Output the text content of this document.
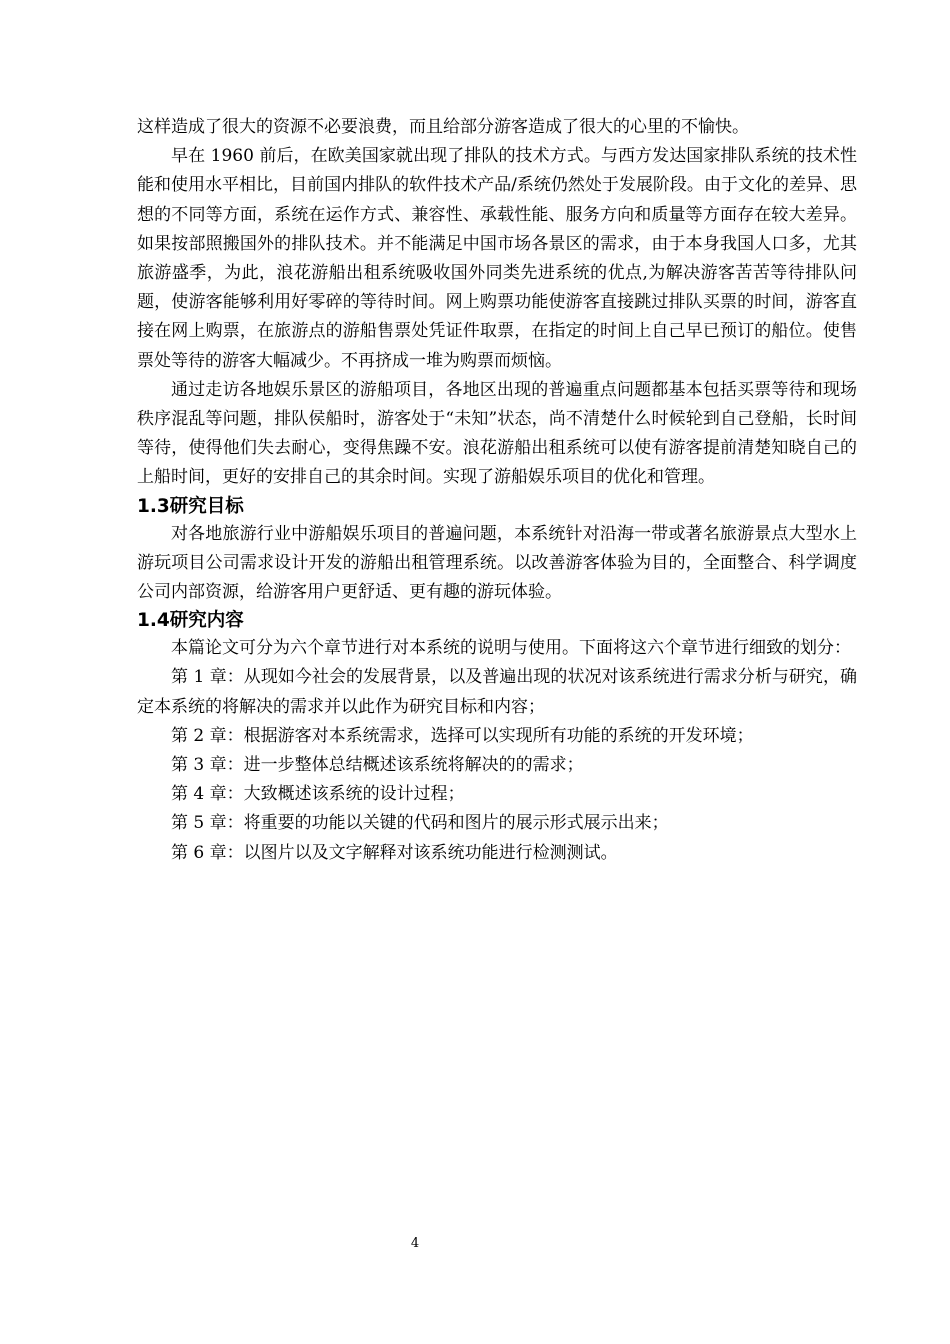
这样造成了很大的资源不必要浪费，而且给部分游客造成了很大的心里的不愉快。

早在 1960 前后，在欧美国家就出现了排队的技术方式。与西方发达国家排队系统的技术性能和使用水平相比，目前国内排队的软件技术产品/系统仍然处于发展阶段。由于文化的差异、思想的不同等方面，系统在运作方式、兼容性、承载性能、服务方向和质量等方面存在较大差异。如果按部照搬国外的排队技术。并不能满足中国市场各景区的需求，由于本身我国人口多，尤其旅游盛季，为此，浪花游船出租系统吸收国外同类先进系统的优点,为解决游客苦苦等待排队问题，使游客能够利用好零碎的等待时间。网上购票功能使游客直接跳过排队买票的时间，游客直接在网上购票，在旅游点的游船售票处凭证件取票，在指定的时间上自己早已预订的船位。使售票处等待的游客大幅减少。不再挤成一堆为购票而烦恼。

通过走访各地娱乐景区的游船项目，各地区出现的普遍重点问题都基本包括买票等待和现场秩序混乱等问题，排队侯船时，游客处于“未知”状态，尚不清楚什么时候轮到自己登船，长时间等待，使得他们失去耐心，变得焦躁不安。浪花游船出租系统可以使有游客提前清楚知晓自己的上船时间，更好的安排自己的其余时间。实现了游船娱乐项目的优化和管理。

1.3研究目标

对各地旅游行业中游船娱乐项目的普遍问题，本系统针对沿海一带或著名旅游景点大型水上游玩项目公司需求设计开发的游船出租管理系统。以改善游客体验为目的，全面整合、科学调度公司内部资源，给游客用户更舒适、更有趣的游玩体验。

1.4研究内容

本篇论文可分为六个章节进行对本系统的说明与使用。下面将这六个章节进行细致的划分：

第 1 章：从现如今社会的发展背景，以及普遍出现的状况对该系统进行需求分析与研究，确定本系统的将解决的需求并以此作为研究目标和内容；

第 2 章：根据游客对本系统需求，选择可以实现所有功能的系统的开发环境；

第 3 章：进一步整体总结概述该系统将解决的的需求；

第 4 章：大致概述该系统的设计过程；

第 5 章：将重要的功能以关键的代码和图片的展示形式展示出来；

第 6 章：以图片以及文字解释对该系统功能进行检测测试。

4
